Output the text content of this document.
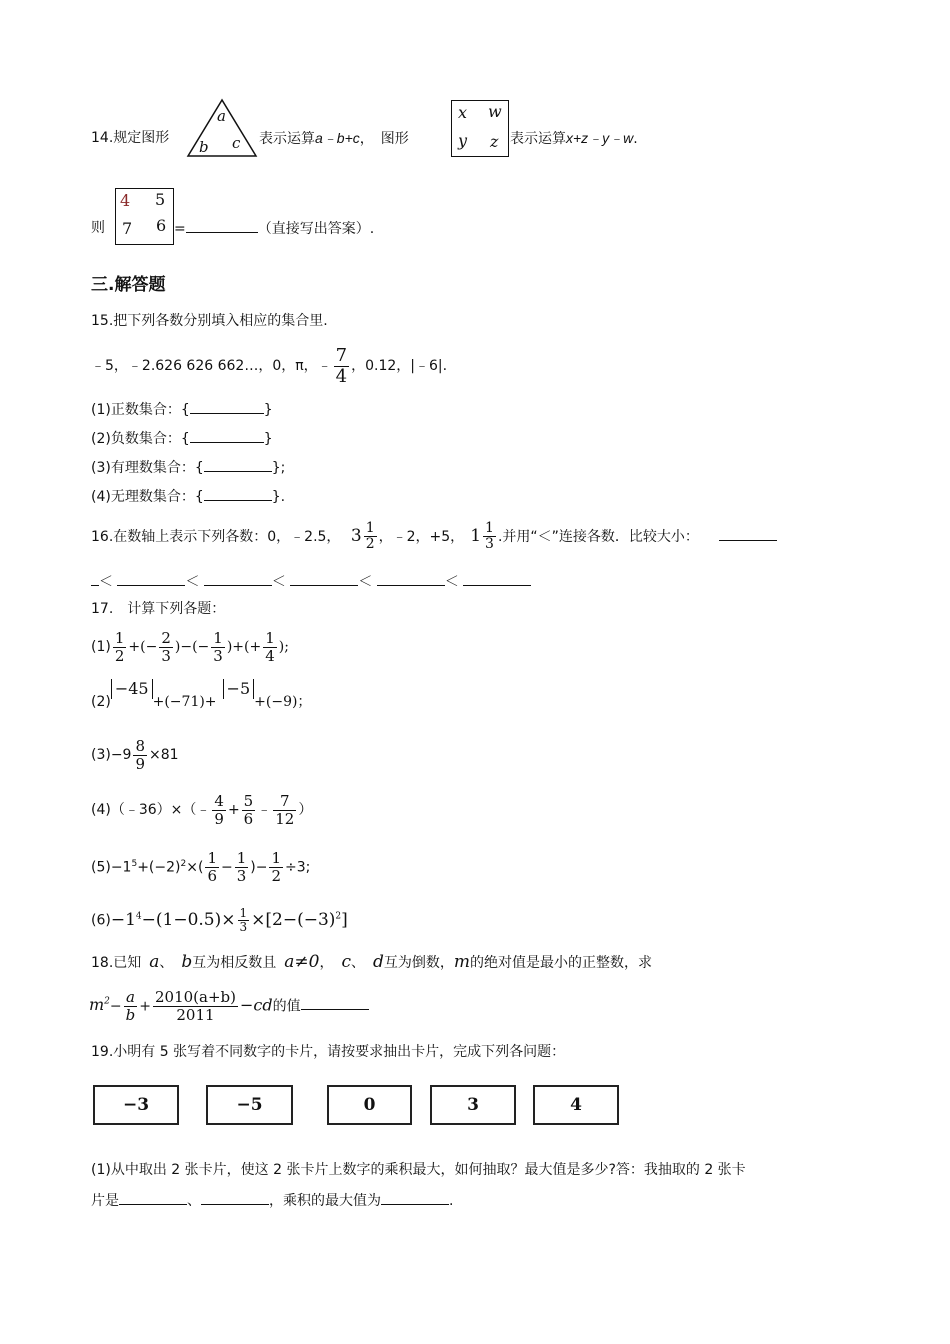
14.规定图形
a
b c 表示运算a﹣b+c，　图形
x w
y z 表示运算x+z﹣y﹣w.
则
4 5
7 6 =	（直接写出答案）.
三.解答题
15.把下列各数分别填入相应的集合里.
﹣5，﹣2.626 626 662…，0，π，﹣ $\frac{7}{4}$ ，0.12，|﹣6|.
(1)正数集合：{	}
(2)负数集合：{	}
(3)有理数集合：{	};
(4)无理数集合：{	}.
16.在数轴上表示下列各数：0，﹣2.5， $3 \frac{1}{2}$ ，﹣2，+5， $1 \frac{1}{3}$ .并用“＜”连接各数．比较大小：
＜	＜	＜	＜	＜
17.　计算下列各题：
$(1) \frac{1}{2}$ +(− $\frac{2}{3}$ )−(− $\frac{1}{3}$ )+(+ $\frac{1}{4}$ );
(2)−45+(−71)+−5+(−9)；
$(3)-9 \frac{8}{9} \times 81$
(4)（﹣36）×（﹣ $\frac{4}{9} + \frac{5}{6}$ ﹣ $\frac{7}{12}$ ）
$(5)-1^5+(-2)^2\times( \frac{1}{6} - \frac{1}{3}$ )− $\frac{1}{2} \div 3$;
$(6)-1^4-(1-0.5)\times \frac{1}{3} \times[2-(-3)^2]$
18.已知 a、 b互为相反数且 a≠0， c、 d互为倒数，m的绝对值是最小的正整数，求
$m^2- \frac{a}{b} + \frac{2010(a+b)}{2011} -cd$的值
19.小明有 5 张写着不同数字的卡片，请按要求抽出卡片，完成下列各问题：
−3	−5	0	3	4
(1)从中取出 2 张卡片，使这 2 张卡片上数字的乘积最大，如何抽取？最大值是多少?答：我抽取的 2 张卡
片是	、	，乘积的最大值为	.
